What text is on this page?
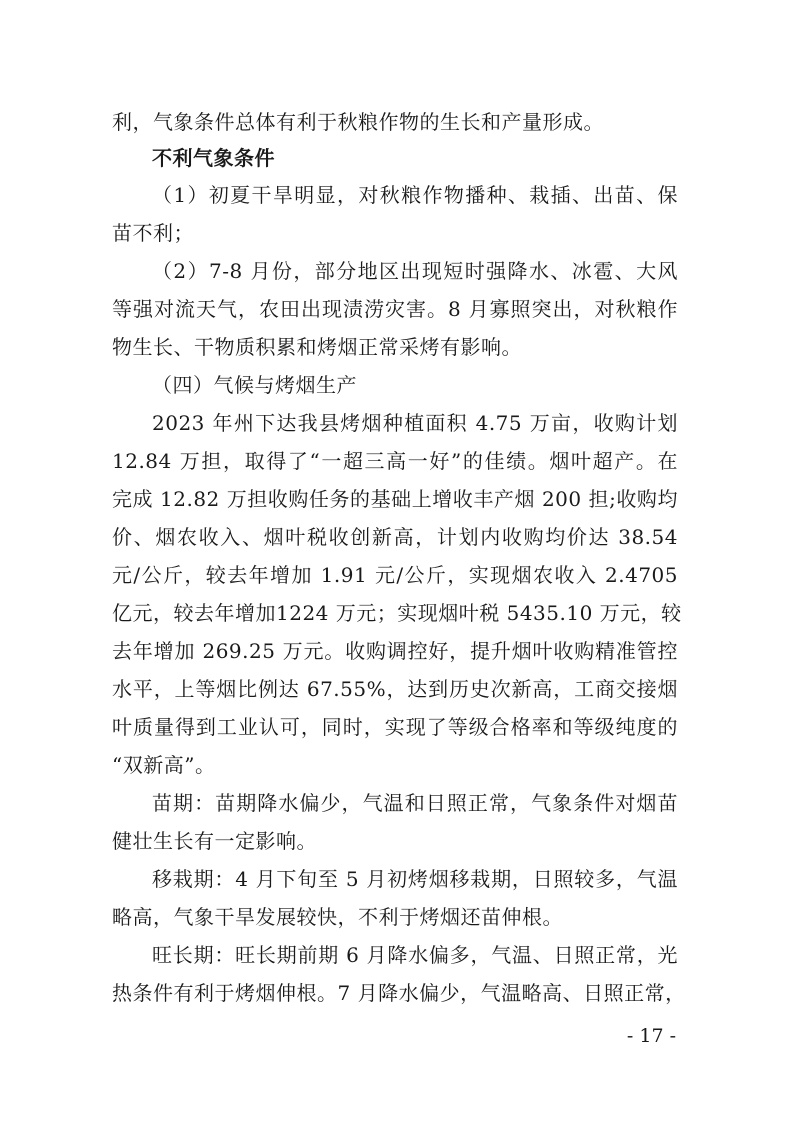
利，气象条件总体有利于秋粮作物的生长和产量形成。
不利气象条件
（1）初夏干旱明显，对秋粮作物播种、栽插、出苗、保
苗不利；
（2）7-8 月份，部分地区出现短时强降水、冰雹、大风
等强对流天气，农田出现渍涝灾害。8 月寡照突出，对秋粮作
物生长、干物质积累和烤烟正常采烤有影响。
（四）气候与烤烟生产
2023 年州下达我县烤烟种植面积 4.75 万亩，收购计划
12.84 万担，取得了“一超三高一好”的佳绩。烟叶超产。在
完成 12.82 万担收购任务的基础上增收丰产烟 200 担;收购均
价、烟农收入、烟叶税收创新高，计划内收购均价达 38.54
元/公斤，较去年增加 1.91 元/公斤，实现烟农收入 2.4705
亿元，较去年增加1224 万元；实现烟叶税 5435.10 万元，较
去年增加 269.25 万元。收购调控好，提升烟叶收购精准管控
水平，上等烟比例达 67.55%，达到历史次新高，工商交接烟
叶质量得到工业认可，同时，实现了等级合格率和等级纯度的
“双新高”。
苗期：苗期降水偏少，气温和日照正常，气象条件对烟苗
健壮生长有一定影响。
移栽期：4 月下旬至 5 月初烤烟移栽期，日照较多，气温
略高，气象干旱发展较快，不利于烤烟还苗伸根。
旺长期：旺长期前期 6 月降水偏多，气温、日照正常，光
热条件有利于烤烟伸根。7 月降水偏少，气温略高、日照正常，
- 17 -
